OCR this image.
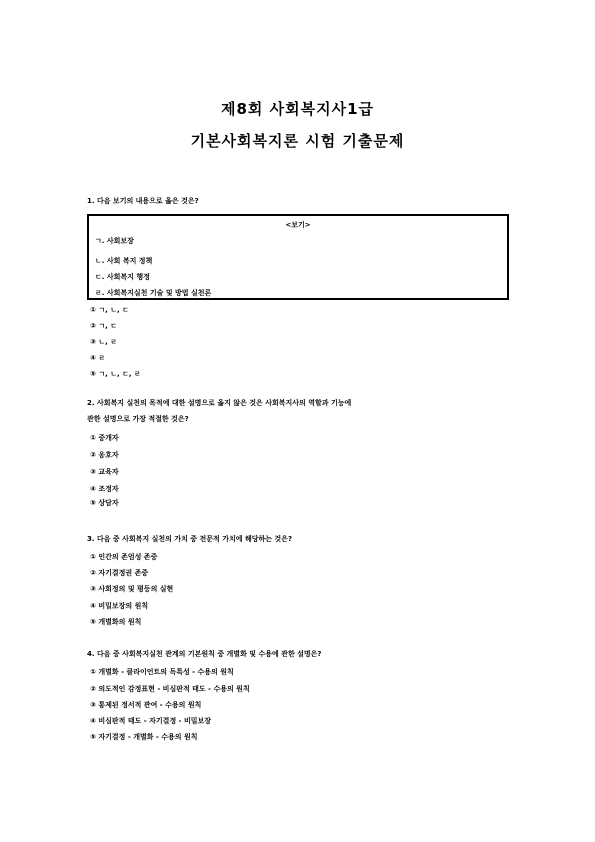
제8회 사회복지사1급
기본사회복지론 시험 기출문제
1. 다음 보기의 내용으로 옳은 것은?
<보기>
ㄱ. 사회보장
ㄴ. 사회 복지 정책
ㄷ. 사회복지 행정
ㄹ. 사회복지실천 기술 및 방법 실천론
① ㄱ, ㄴ, ㄷ
② ㄱ, ㄷ
③ ㄴ, ㄹ
④ ㄹ
⑤ ㄱ, ㄴ, ㄷ, ㄹ
2. 사회복지 실천의 목적에 대한 설명으로 옳지 않은 것은 사회복지사의 역할과 기능에
관한 설명으로 가장 적절한 것은?
① 중개자
② 옹호자
③ 교육자
④ 조정자
⑤ 상담자
3. 다음 중 사회복지 실천의 가치 중 전문적 가치에 해당하는 것은?
① 인간의 존엄성 존중
② 자기결정권 존중
③ 사회정의 및 평등의 실현
④ 비밀보장의 원칙
⑤ 개별화의 원칙
4. 다음 중 사회복지실천 관계의 기본원칙 중 개별화 및 수용에 관한 설명은?
① 개별화 - 클라이언트의 독특성 - 수용의 원칙
② 의도적인 감정표현 - 비심판적 태도 - 수용의 원칙
③ 통제된 정서적 관여 - 수용의 원칙
④ 비심판적 태도 - 자기결정 - 비밀보장
⑤ 자기결정 - 개별화 - 수용의 원칙
